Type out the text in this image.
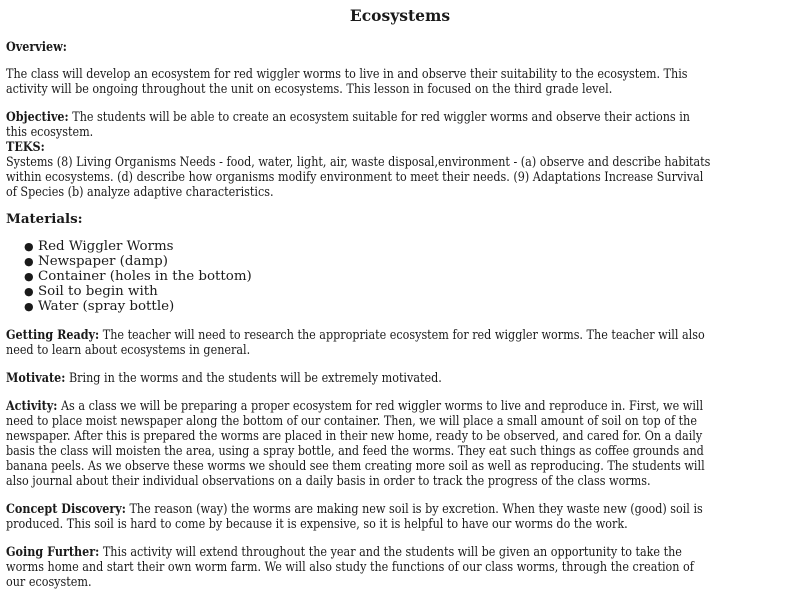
Ecosystems
Overview:
The class will develop an ecosystem for red wiggler worms to live in and observe their suitability to the ecosystem. This
activity will be ongoing throughout the unit on ecosystems. This lesson in focused on the third grade level.
Objective: The students will be able to create an ecosystem suitable for red wiggler worms and observe their actions in
this ecosystem.
TEKS:
Systems (8) Living Organisms Needs - food, water, light, air, waste disposal,environment - (a) observe and describe habitats
within ecosystems. (d) describe how organisms modify environment to meet their needs. (9) Adaptations Increase Survival
of Species (b) analyze adaptive characteristics.
Materials:
● Red Wiggler Worms
● Newspaper (damp)
● Container (holes in the bottom)
● Soil to begin with
● Water (spray bottle)
Getting Ready: The teacher will need to research the appropriate ecosystem for red wiggler worms. The teacher will also
need to learn about ecosystems in general.
Motivate: Bring in the worms and the students will be extremely motivated.
Activity: As a class we will be preparing a proper ecosystem for red wiggler worms to live and reproduce in. First, we will
need to place moist newspaper along the bottom of our container. Then, we will place a small amount of soil on top of the
newspaper. After this is prepared the worms are placed in their new home, ready to be observed, and cared for. On a daily
basis the class will moisten the area, using a spray bottle, and feed the worms. They eat such things as coffee grounds and
banana peels. As we observe these worms we should see them creating more soil as well as reproducing. The students will
also journal about their individual observations on a daily basis in order to track the progress of the class worms.
Concept Discovery: The reason (way) the worms are making new soil is by excretion. When they waste new (good) soil is
produced. This soil is hard to come by because it is expensive, so it is helpful to have our worms do the work.
Going Further: This activity will extend throughout the year and the students will be given an opportunity to take the
worms home and start their own worm farm. We will also study the functions of our class worms, through the creation of
our ecosystem.
